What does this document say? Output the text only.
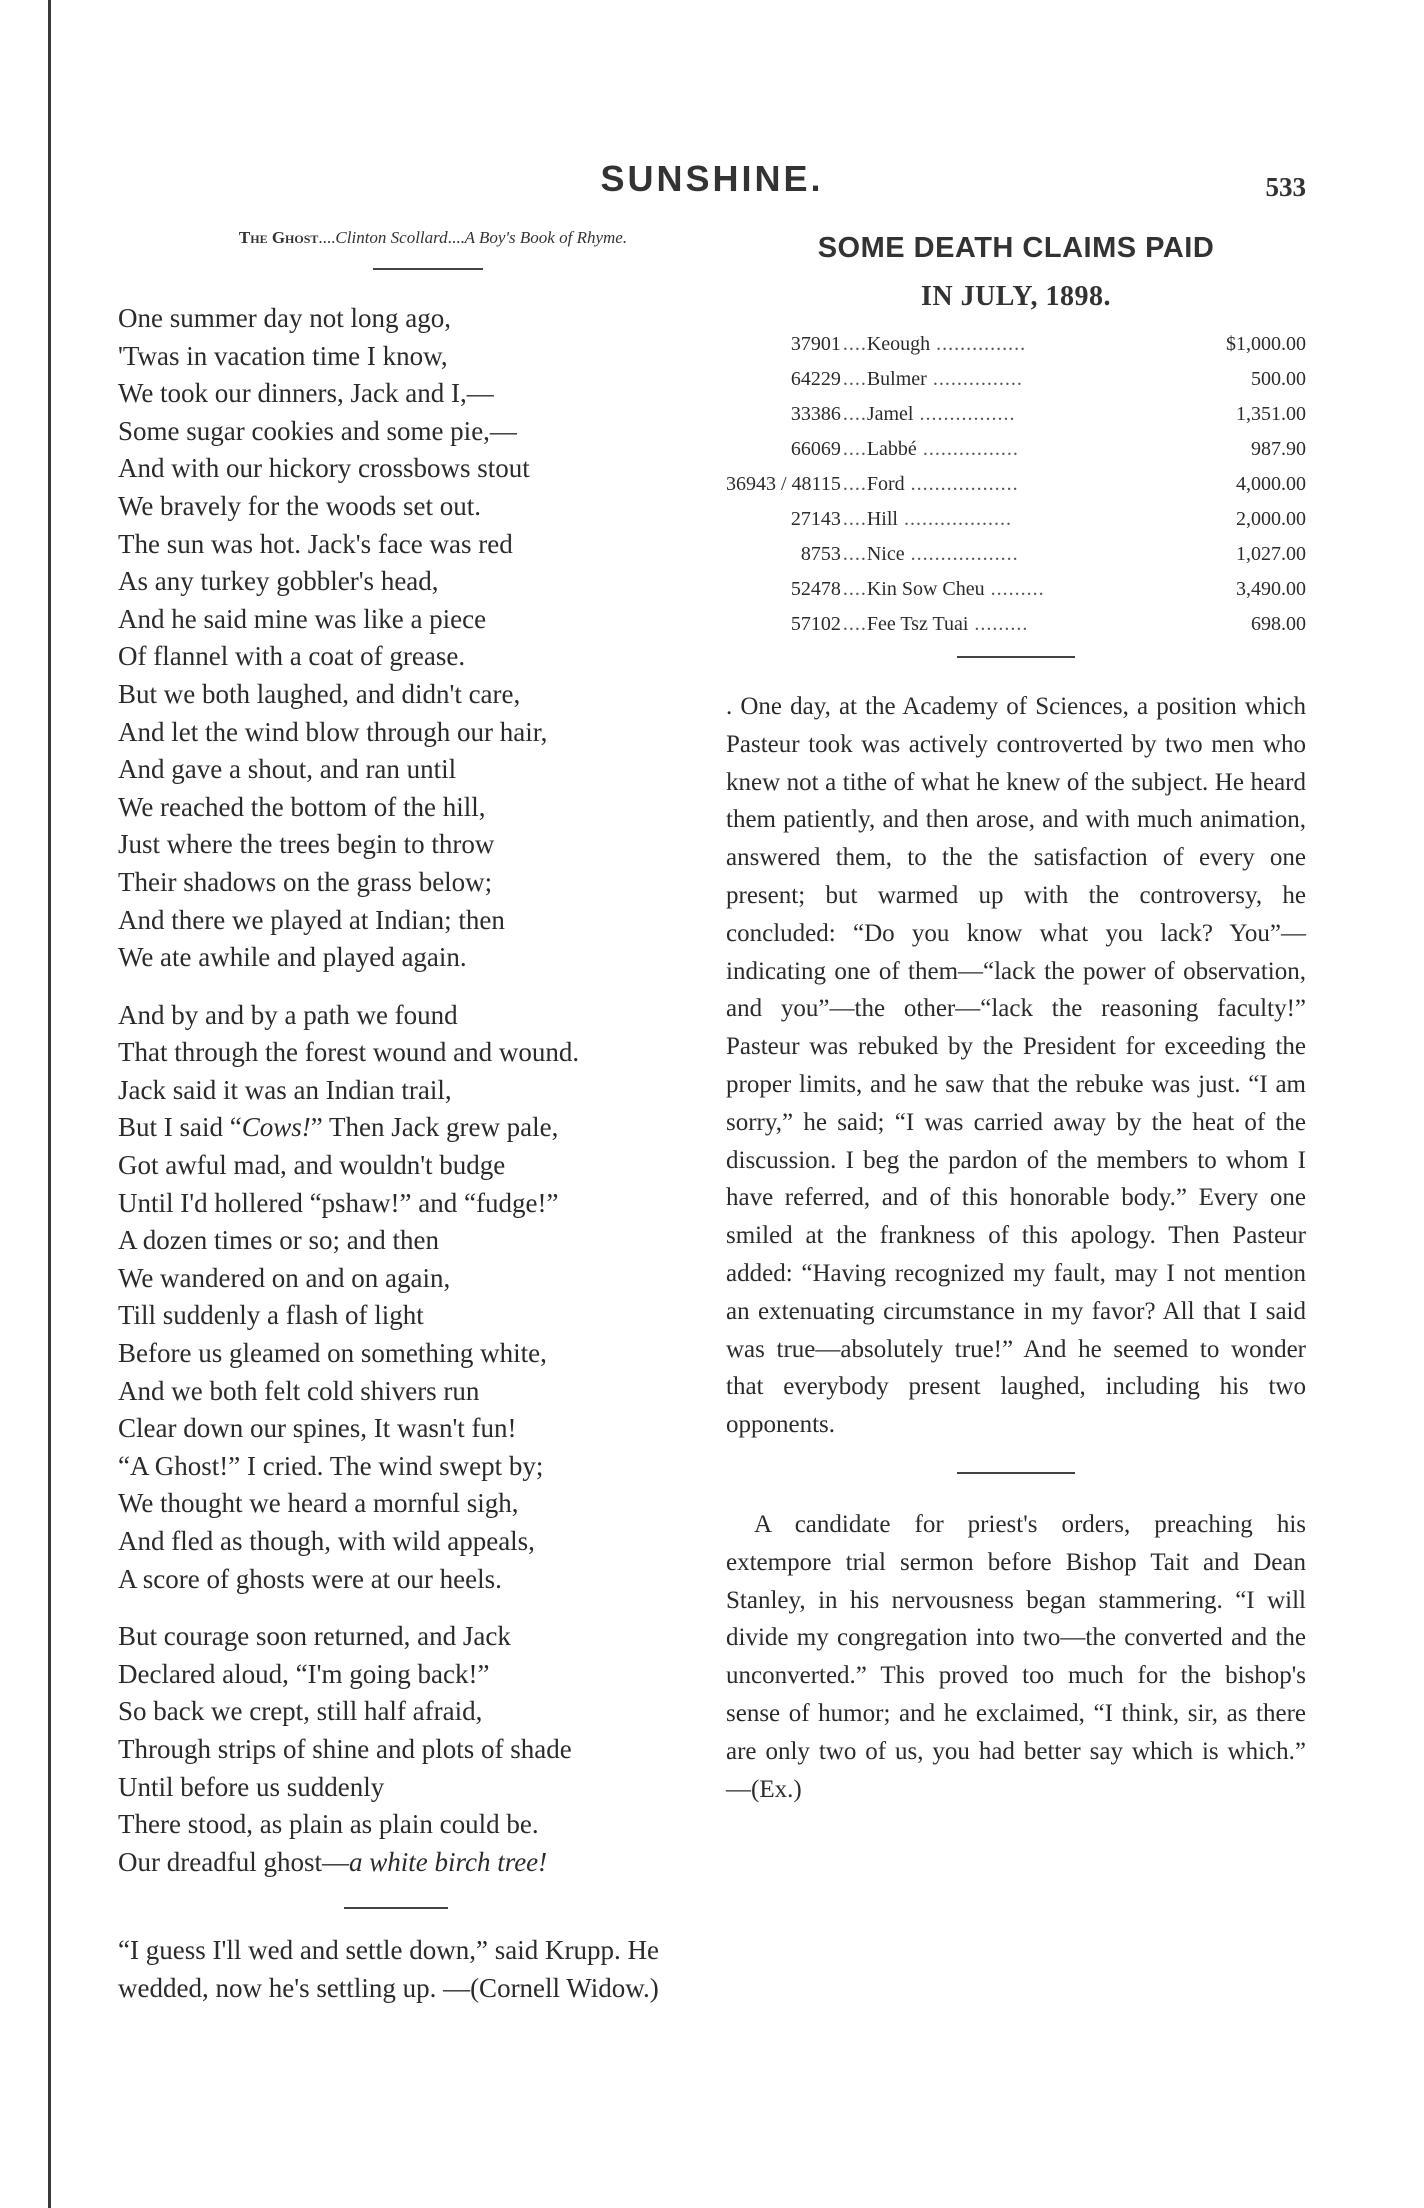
SUNSHINE.	533
The Ghost....Clinton Scollard....A Boy's Book of Rhyme.
One summer day not long ago,
'Twas in vacation time I know,
We took our dinners, Jack and I,—
Some sugar cookies and some pie,—
And with our hickory crossbows stout
We bravely for the woods set out.
The sun was hot. Jack's face was red
As any turkey gobbler's head,
And he said mine was like a piece
Of flannel with a coat of grease.
But we both laughed, and didn't care,
And let the wind blow through our hair,
And gave a shout, and ran until
We reached the bottom of the hill,
Just where the trees begin to throw
Their shadows on the grass below;
And there we played at Indian; then
We ate awhile and played again.
And by and by a path we found
That through the forest wound and wound.
Jack said it was an Indian trail,
But I said “Cows!” Then Jack grew pale,
Got awful mad, and wouldn't budge
Until I'd hollered “pshaw!” and “fudge!”
A dozen times or so; and then
We wandered on and on again,
Till suddenly a flash of light
Before us gleamed on something white,
And we both felt cold shivers run
Clear down our spines, It wasn't fun!
“A Ghost!” I cried. The wind swept by;
We thought we heard a mornful sigh,
And fled as though, with wild appeals,
A score of ghosts were at our heels.
But courage soon returned, and Jack
Declared aloud, “I'm going back!”
So back we crept, still half afraid,
Through strips of shine and plots of shade
Until before us suddenly
There stood, as plain as plain could be.
Our dreadful ghost—a white birch tree!

“I guess I'll wed and settle down,” said Krupp. He wedded, now he's settling up. —(Cornell Widow.)

SOME DEATH CLAIMS PAID
IN JULY, 1898.
37901	....Keough ...............	$1,000.00
64229	....Bulmer ...............	500.00
33386	....Jamel ................	1,351.00
66069	....Labbé ................	987.90
36943 / 48115	....Ford ..................	4,000.00
27143	....Hill ..................	2,000.00
8753	....Nice ..................	1,027.00
52478	....Kin Sow Cheu .........	3,490.00
57102	....Fee Tsz Tuai .........	698.00

. One day, at the Academy of Sciences, a position which Pasteur took was actively controverted by two men who knew not a tithe of what he knew of the subject. He heard them patiently, and then arose, and with much animation, answered them, to the the satisfaction of every one present; but warmed up with the controversy, he concluded: “Do you know what you lack? You”—indicating one of them—“lack the power of observation, and you”—the other—“lack the reasoning faculty!” Pasteur was rebuked by the President for exceeding the proper limits, and he saw that the rebuke was just. “I am sorry,” he said; “I was carried away by the heat of the discussion. I beg the pardon of the members to whom I have referred, and of this honorable body.” Every one smiled at the frankness of this apology. Then Pasteur added: “Having recognized my fault, may I not mention an extenuating circumstance in my favor? All that I said was true—absolutely true!” And he seemed to wonder that everybody present laughed, including his two opponents.

A candidate for priest's orders, preaching his extempore trial sermon before Bishop Tait and Dean Stanley, in his nervousness began stammering. “I will divide my congregation into two—the converted and the unconverted.” This proved too much for the bishop's sense of humor; and he exclaimed, “I think, sir, as there are only two of us, you had better say which is which.” —(Ex.)
